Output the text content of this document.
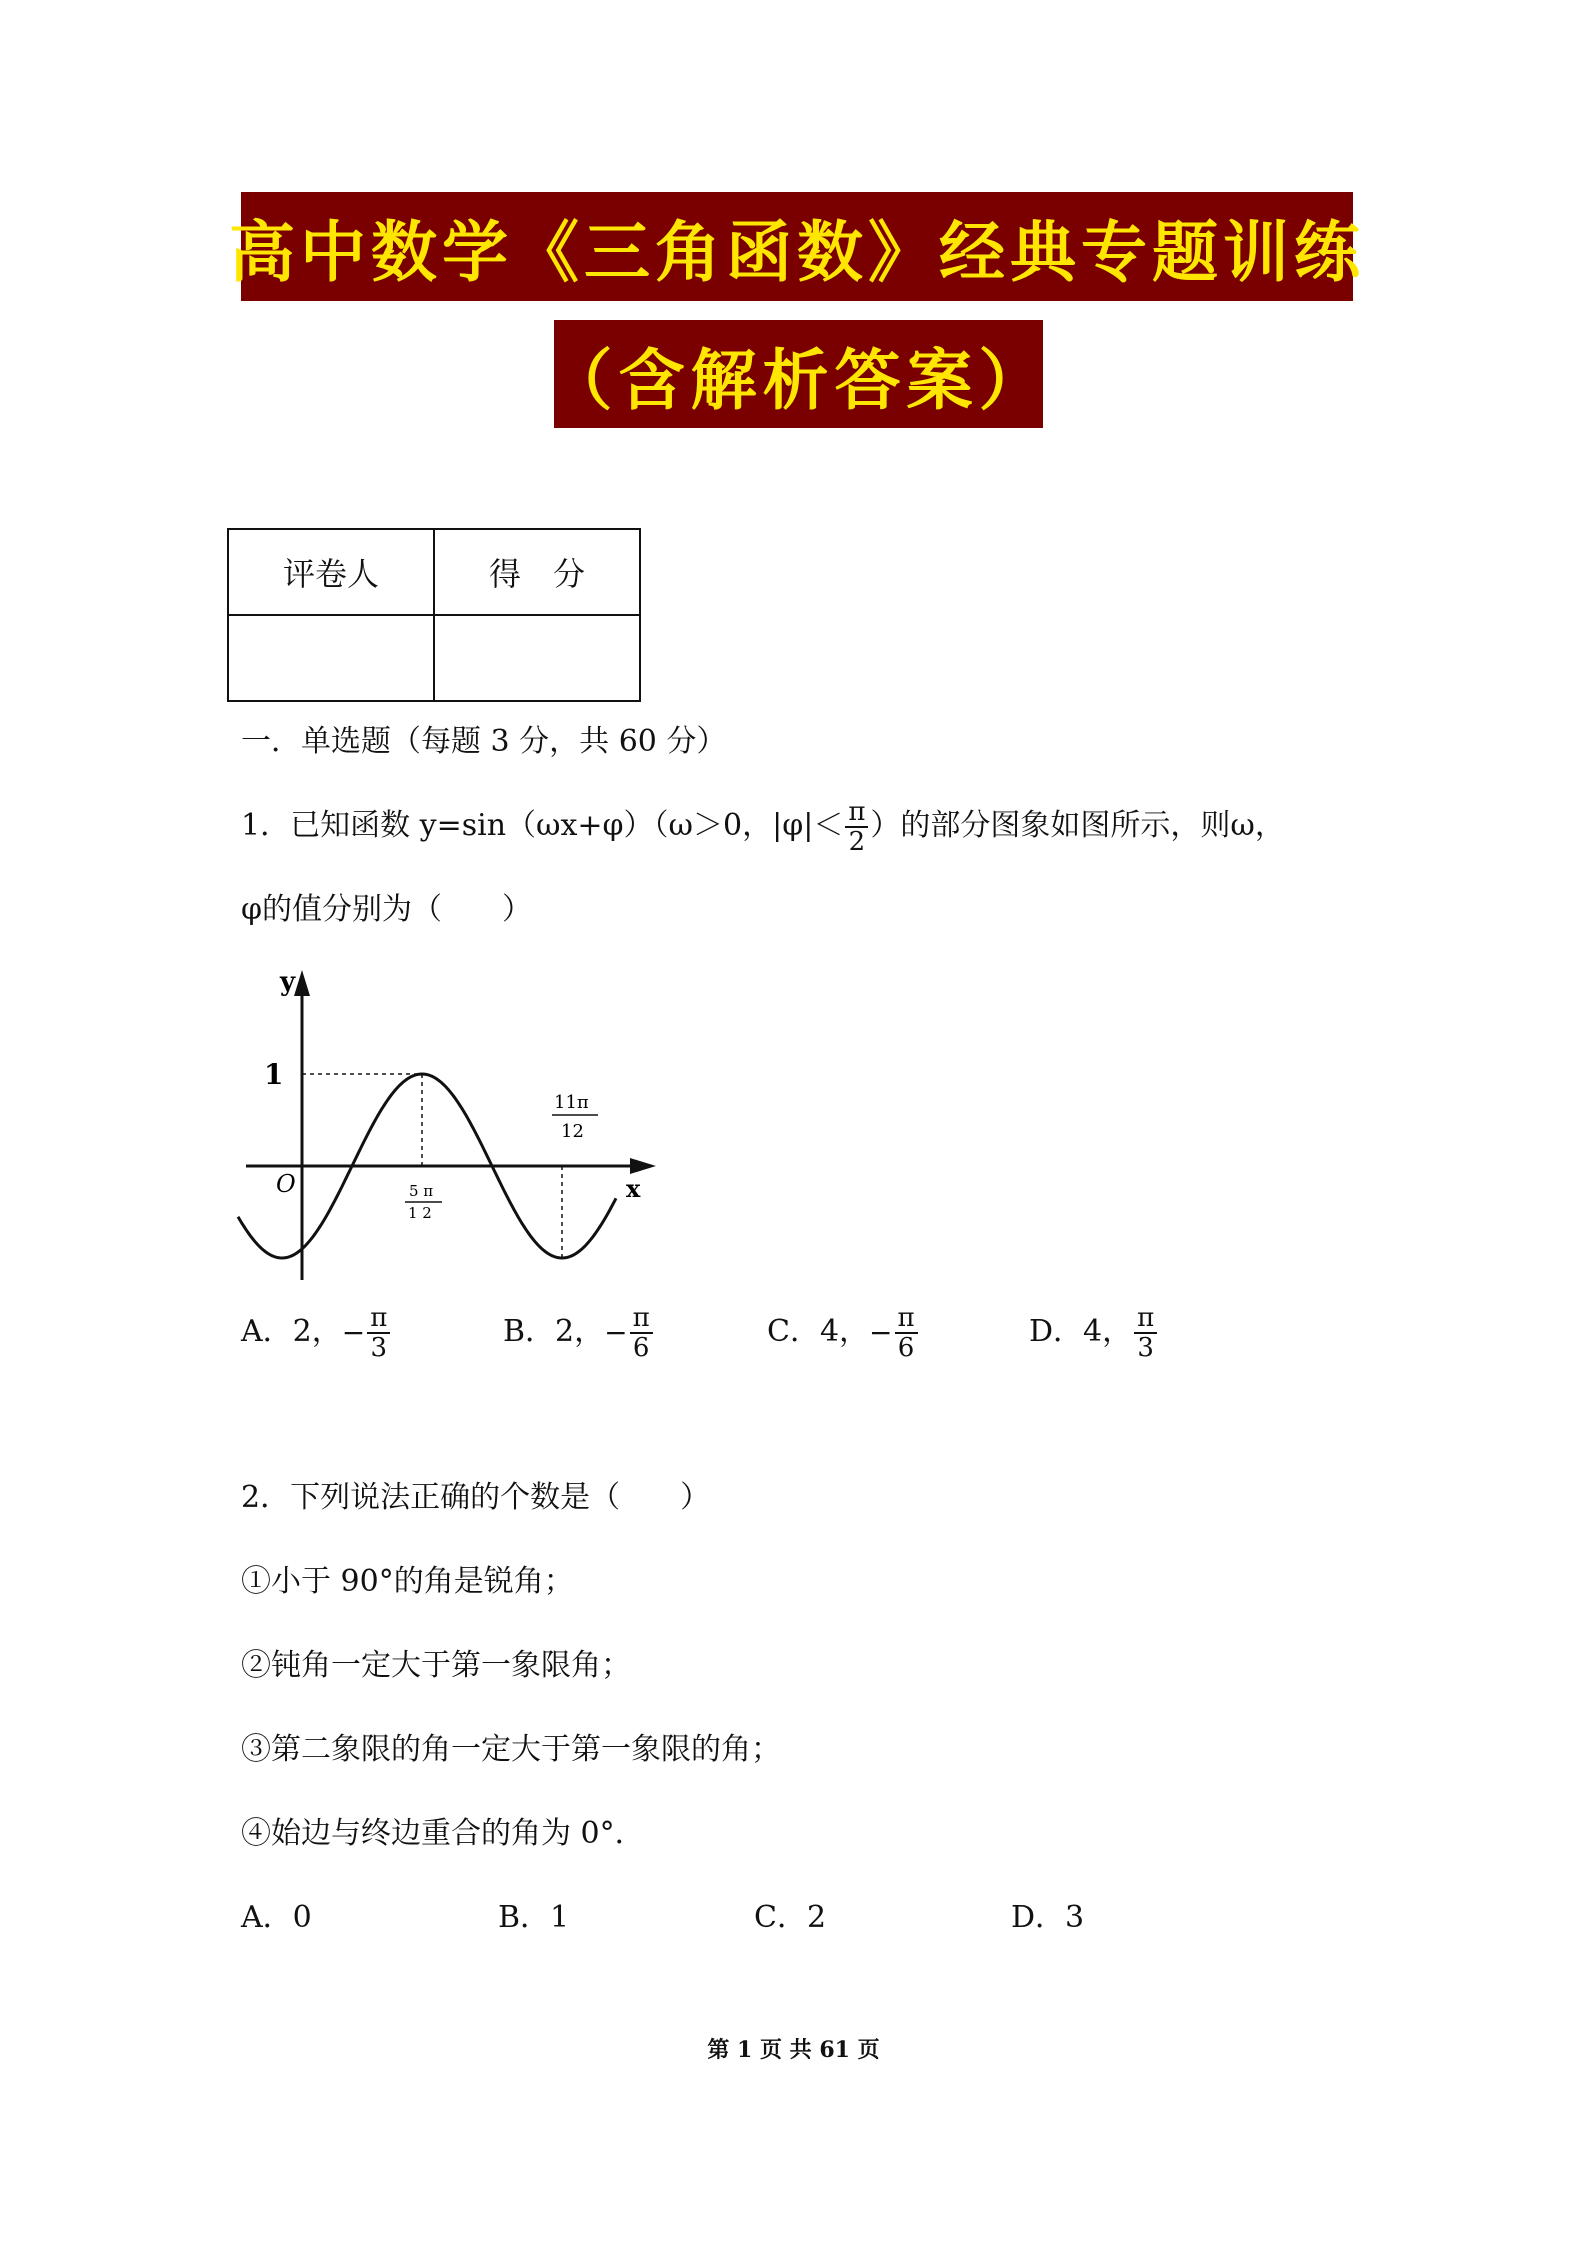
高中数学《三角函数》经典专题训练
（含解析答案）
评卷人	得　分

一．单选题（每题 3 分，共 60 分）
1．已知函数 y=sin（ωx+φ）（ω＞0，$|\varphi|< \frac{\pi}{2}$ ）的部分图象如图所示，则ω，
φ的值分别为（　　）
y
x
O
1
5 π
1 2
11π
12
A．2，− $\frac{\pi}{3}$	B．2，− $\frac{\pi}{6}$	C．4，− $\frac{\pi}{6}$	D．4， $\frac{\pi}{3}$
2．下列说法正确的个数是（　　）
①小于 90°的角是锐角；
②钝角一定大于第一象限角；
③第二象限的角一定大于第一象限的角；
④始边与终边重合的角为 0°．
A．0	B．1	C．2	D．3
第 1 页 共 61 页
